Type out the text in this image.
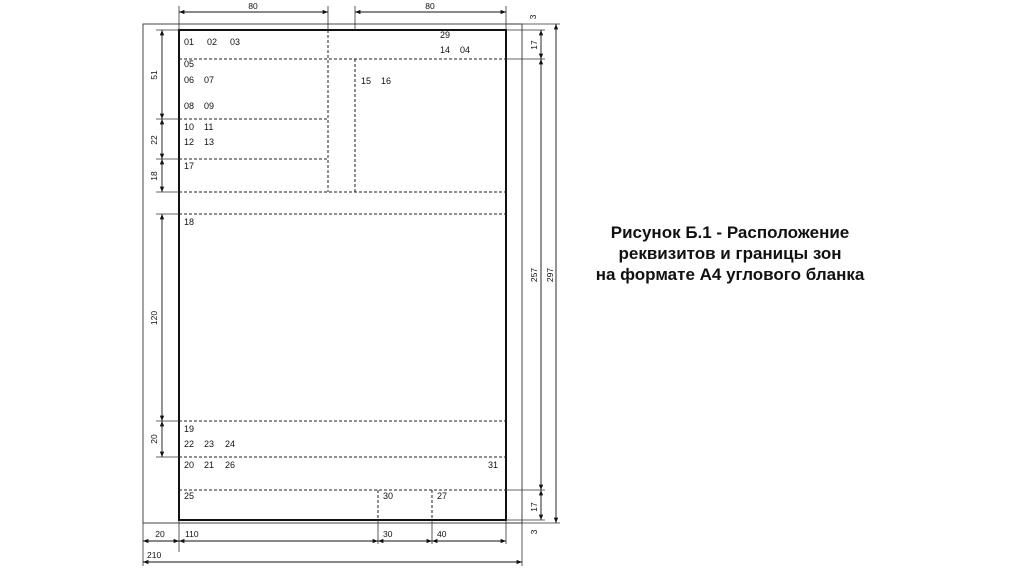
80	80
3
17
257 297
17
3
51
22
18
120
20
20 110	30	40
210
01 02 03
29
14 04
05
06 07	15 16
08 09
10 11
12 13
17
18
19
22 23 24
20 21 26	31
25	30	27
Рисунок Б.1 - Расположение
реквизитов и границы зон
на формате А4 углового бланка
